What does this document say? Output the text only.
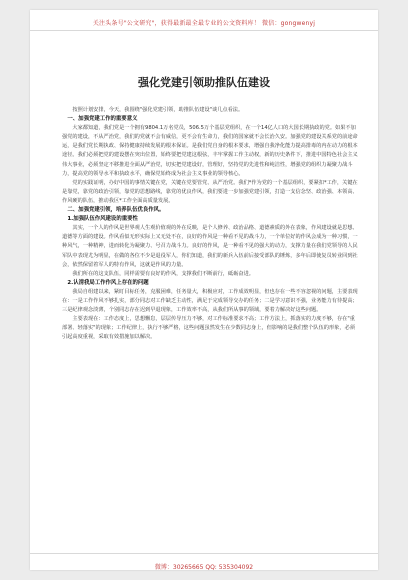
关注头条号"公文研究"，获得最新最全最专业的公文资料库！ 微信：gongwenyj
强化党建引领助推队伍建设

按照计划安排，今天，我围绕"强化党建引领，助推队伍建设"谈几点看法。

一、加强党建工作的重要意义

大家都知道，我们党是一个拥有9804.1万名党员，506.5万个基层党组织，在一个14亿人口的大国长期执政的党。如果不加强党的建设，不从严治党，我们的党就不会有威信，更不会有生命力，我们的国家就不会长治久安。加强党的建设关系党的前途命运，是我们党长期执政、保持健康持续发展的根本保证。是我们党自身的根本要求，增强自我净化能力提高排毒的内在动力的根本途径。我们必须把党的建设摆在突出位置，始终要把党建这根弦，丰牢掌握工作主动权，新的历史条件下，推进中国特色社会主义伟大事业，必须坚定不移推进全面从严治党，切实把党建设好，管理好，坚持党的先进性和纯洁性，增强党的组织力凝聚力战斗力，提高党的领导水平和执政水平，确保党始终成为社会主义事业的领导核心。

党的实践证明，办好中国的事情关键在党，关键在党要管党、从严治党。我们*作为党的一个基层组织，要紧扣*工作，关键在是靠党，靠党的政治引领，靠党的思想路线，靠党的优良作风，我们要进一步加强党建引领，打造一支信念坚、政治强、本领高、作风硬的队伍，推动我区*工作全面高质量发展。

二、加强党建引领，培养队伍优良作风。
1.加强队伍作风建设的重要性

其实，一个人的作风是世界观人生观价值观的外在反映，是个人修养、政治品格、道德素质的外在表象，作风建设就是思想、道德等方面的建设。作风看似无形实际上又无处不在，良好的作风是一种看不见的战斗力，一个单位好的作风会成为一种习惯，一种风气，一种精神，进而转化为凝聚力、号召力战斗力。良好的作风，是一种看不见的强大的动力，支撑力量在我们党领导的人民军队中表现尤为明显，在做的各位不少是退役军人，你们知道，我们的新兵入伍前后接受部队的锤炼，多年后即使复员转业回到社会，依然保留着军人的特有作风，这就是作风的力量。

我们所在的这支队伍，同样需要有良好的作风，支撑我们不断前行，砥砺奋进。

2.认清我局工作作风上存在的问题

我局自组建以来，紧盯目标任务，克服困难，任务量大，积极应对，工作成效明显，但也存在一些不容忽视的问题，主要表现在：一是工作作风不够扎实，部分同志对工作缺乏主动性，满足于完成领导交办的任务；二是学习意识不强，业务能力有待提高；三是纪律观念淡薄，个别同志存在迟到早退现象，工作效率不高，从我们所从事的领域，要着力解决好这些问题。

主要表现在：工作态度上，思想懈怠，层层传导压力不够，对工作标准要求不高；工作方法上，抓落实的力度不够，存在"重部署、轻落实"的现象；工作纪律上，执行不够严格，这些问题虽然发生在少数同志身上，但影响的是我们整个队伍的形象，必须引起高度重视，采取有效措施加以解决。

微博：30265665 QQ: 535304092
